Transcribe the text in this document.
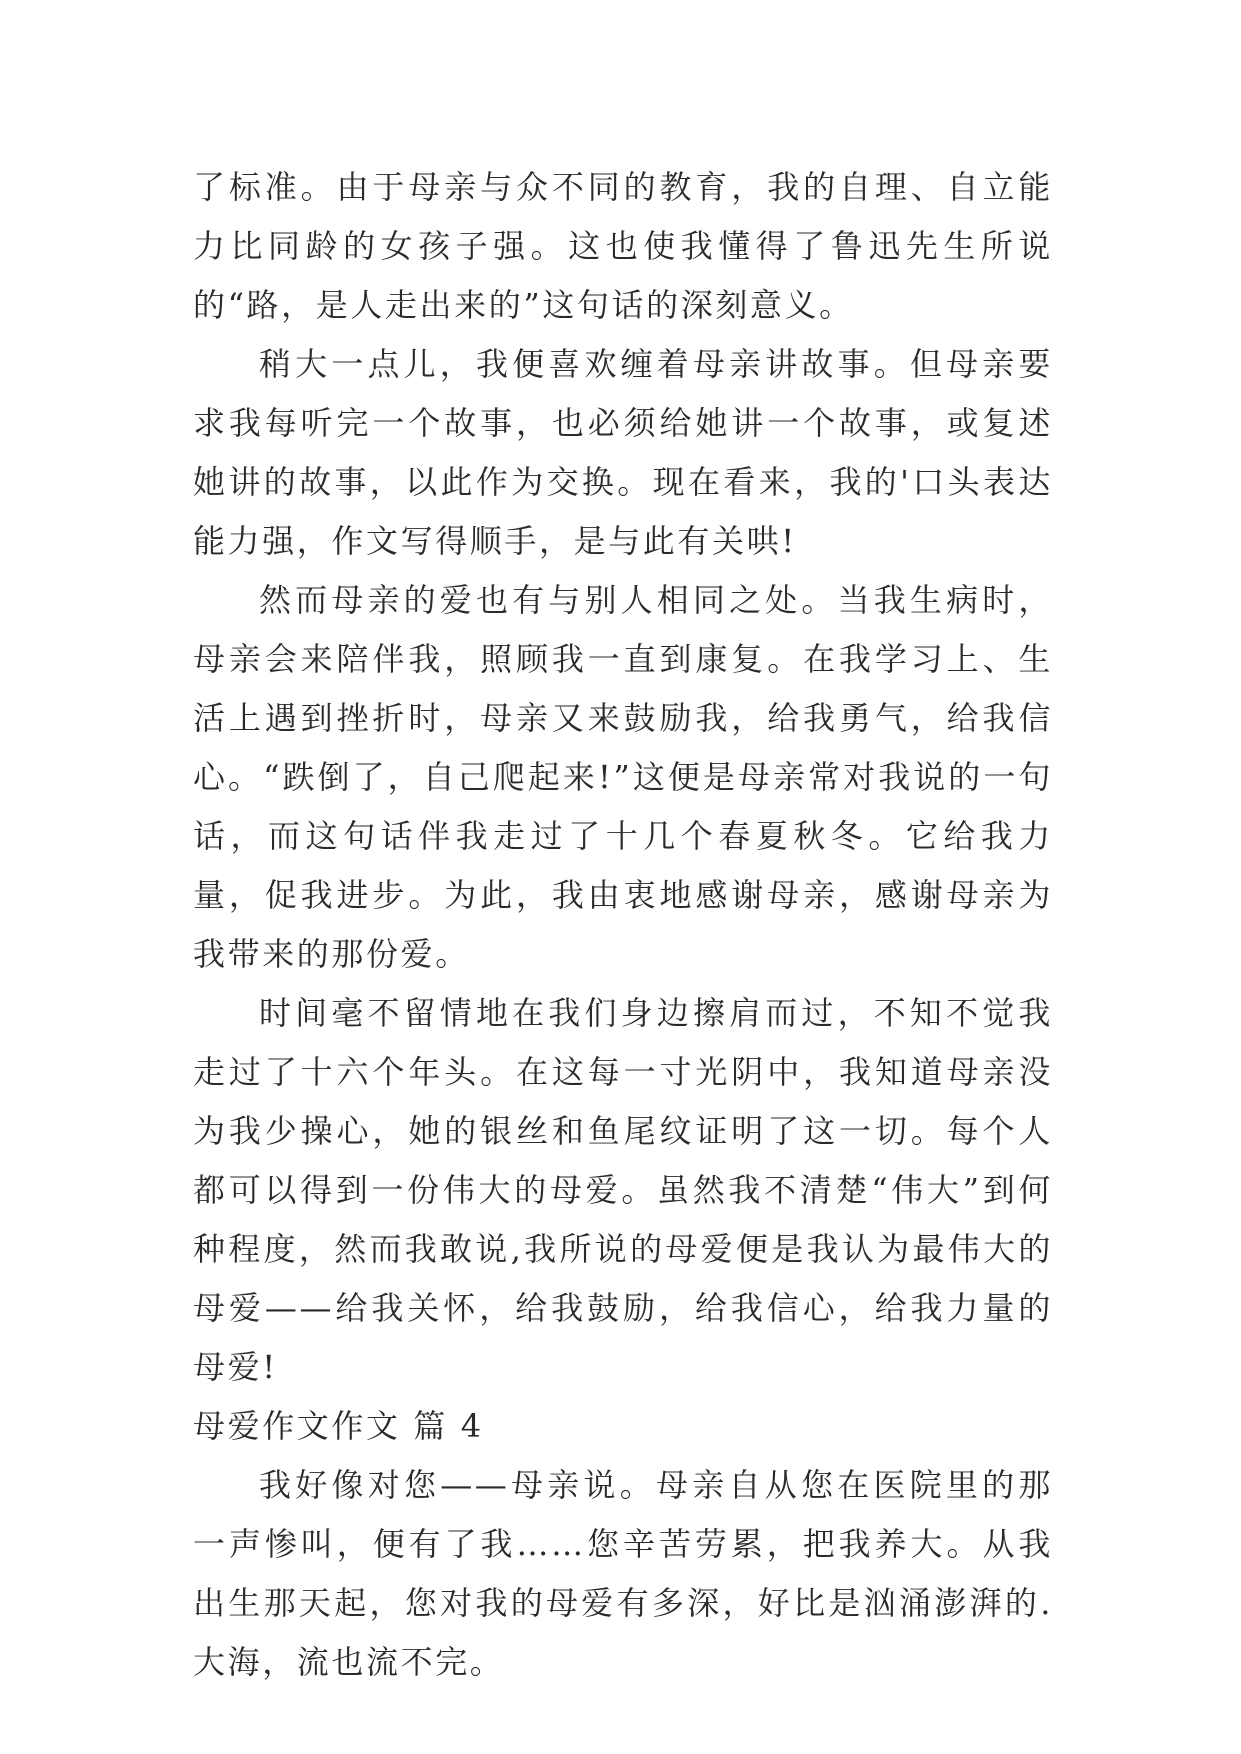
了标准。由于母亲与众不同的教育，我的自理、自立能力比同龄的女孩子强。这也使我懂得了鲁迅先生所说的“路，是人走出来的”这句话的深刻意义。

稍大一点儿，我便喜欢缠着母亲讲故事。但母亲要求我每听完一个故事，也必须给她讲一个故事，或复述她讲的故事，以此作为交换。现在看来，我的'口头表达能力强，作文写得顺手，是与此有关哄!

然而母亲的爱也有与别人相同之处。当我生病时，母亲会来陪伴我，照顾我一直到康复。在我学习上、生活上遇到挫折时，母亲又来鼓励我，给我勇气，给我信心。“跌倒了，自己爬起来!”这便是母亲常对我说的一句话，而这句话伴我走过了十几个春夏秋冬。它给我力量，促我进步。为此，我由衷地感谢母亲，感谢母亲为我带来的那份爱。

时间毫不留情地在我们身边擦肩而过，不知不觉我走过了十六个年头。在这每一寸光阴中，我知道母亲没为我少操心，她的银丝和鱼尾纹证明了这一切。每个人都可以得到一份伟大的母爱。虽然我不清楚“伟大”到何种程度，然而我敢说,我所说的母爱便是我认为最伟大的母爱——给我关怀，给我鼓励，给我信心，给我力量的母爱!

母爱作文作文 篇 4

我好像对您——母亲说。母亲自从您在医院里的那一声惨叫，便有了我……您辛苦劳累，把我养大。从我出生那天起，您对我的母爱有多深，好比是汹涌澎湃的.大海，流也流不完。
